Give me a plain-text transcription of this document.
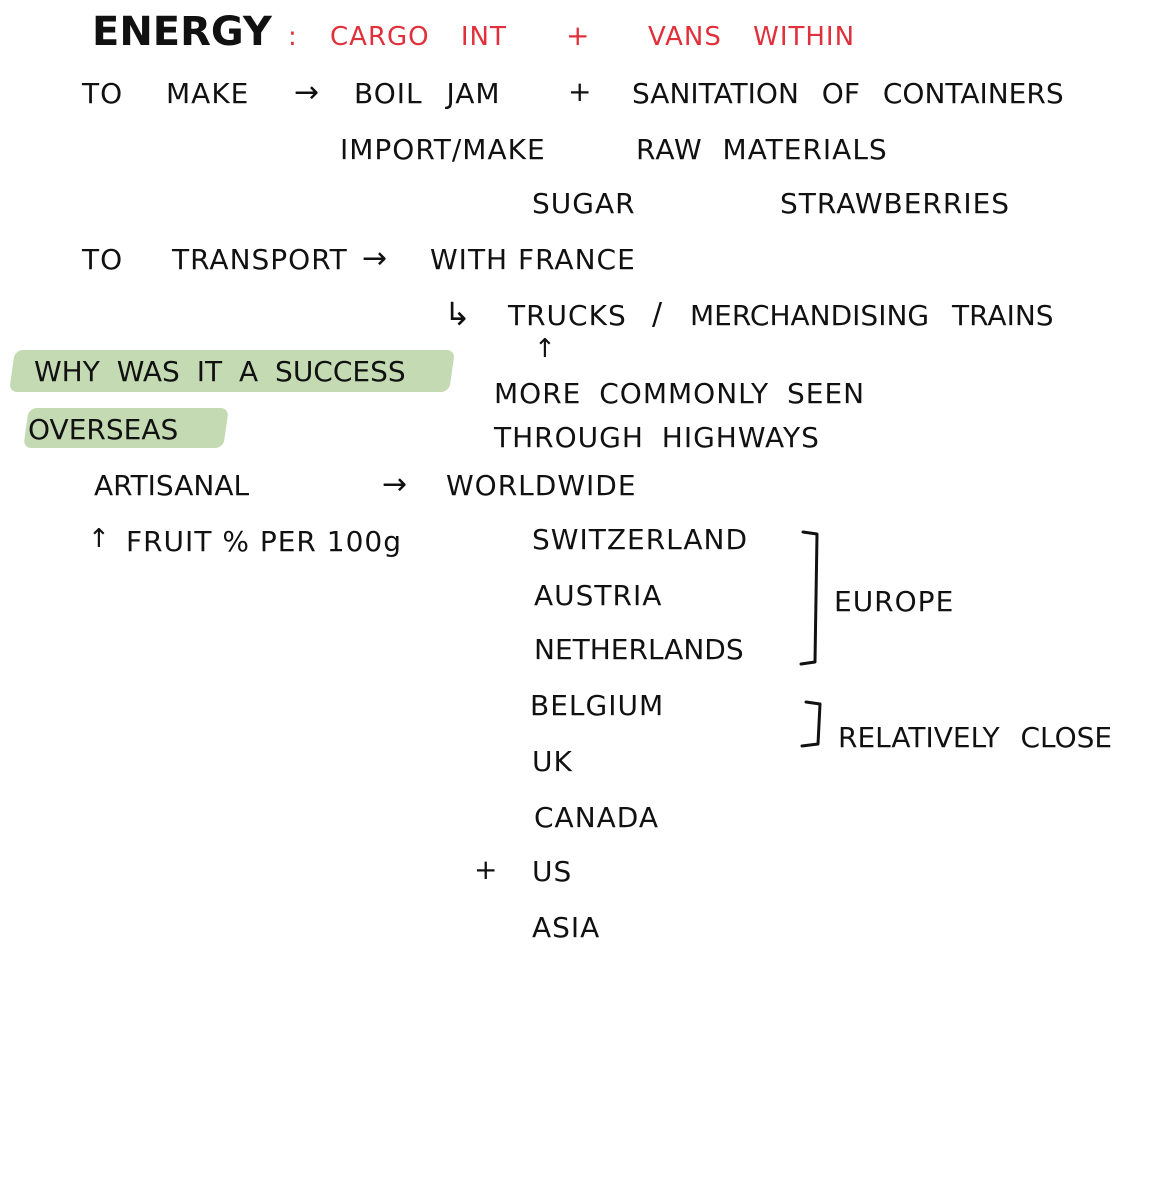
ENERGY : CARGO INT + VANS WITHIN
TO MAKE → BOIL JAM + SANITATION OF CONTAINERS
IMPORT/MAKE	RAW MATERIALS
SUGAR	STRAWBERRIES
TO TRANSPORT → WITH FRANCE
↳ TRUCKS / MERCHANDISING TRAINS
↑
MORE COMMONLY SEEN
THROUGH HIGHWAYS
WHY WAS IT A SUCCESS
OVERSEAS
ARTISANAL	→ WORLDWIDE
↑ FRUIT % PER 100g	SWITZERLAND
AUSTRIA
NETHERLANDS
BELGIUM
UK
CANADA
+ US
ASIA
EUROPE
RELATIVELY CLOSE
